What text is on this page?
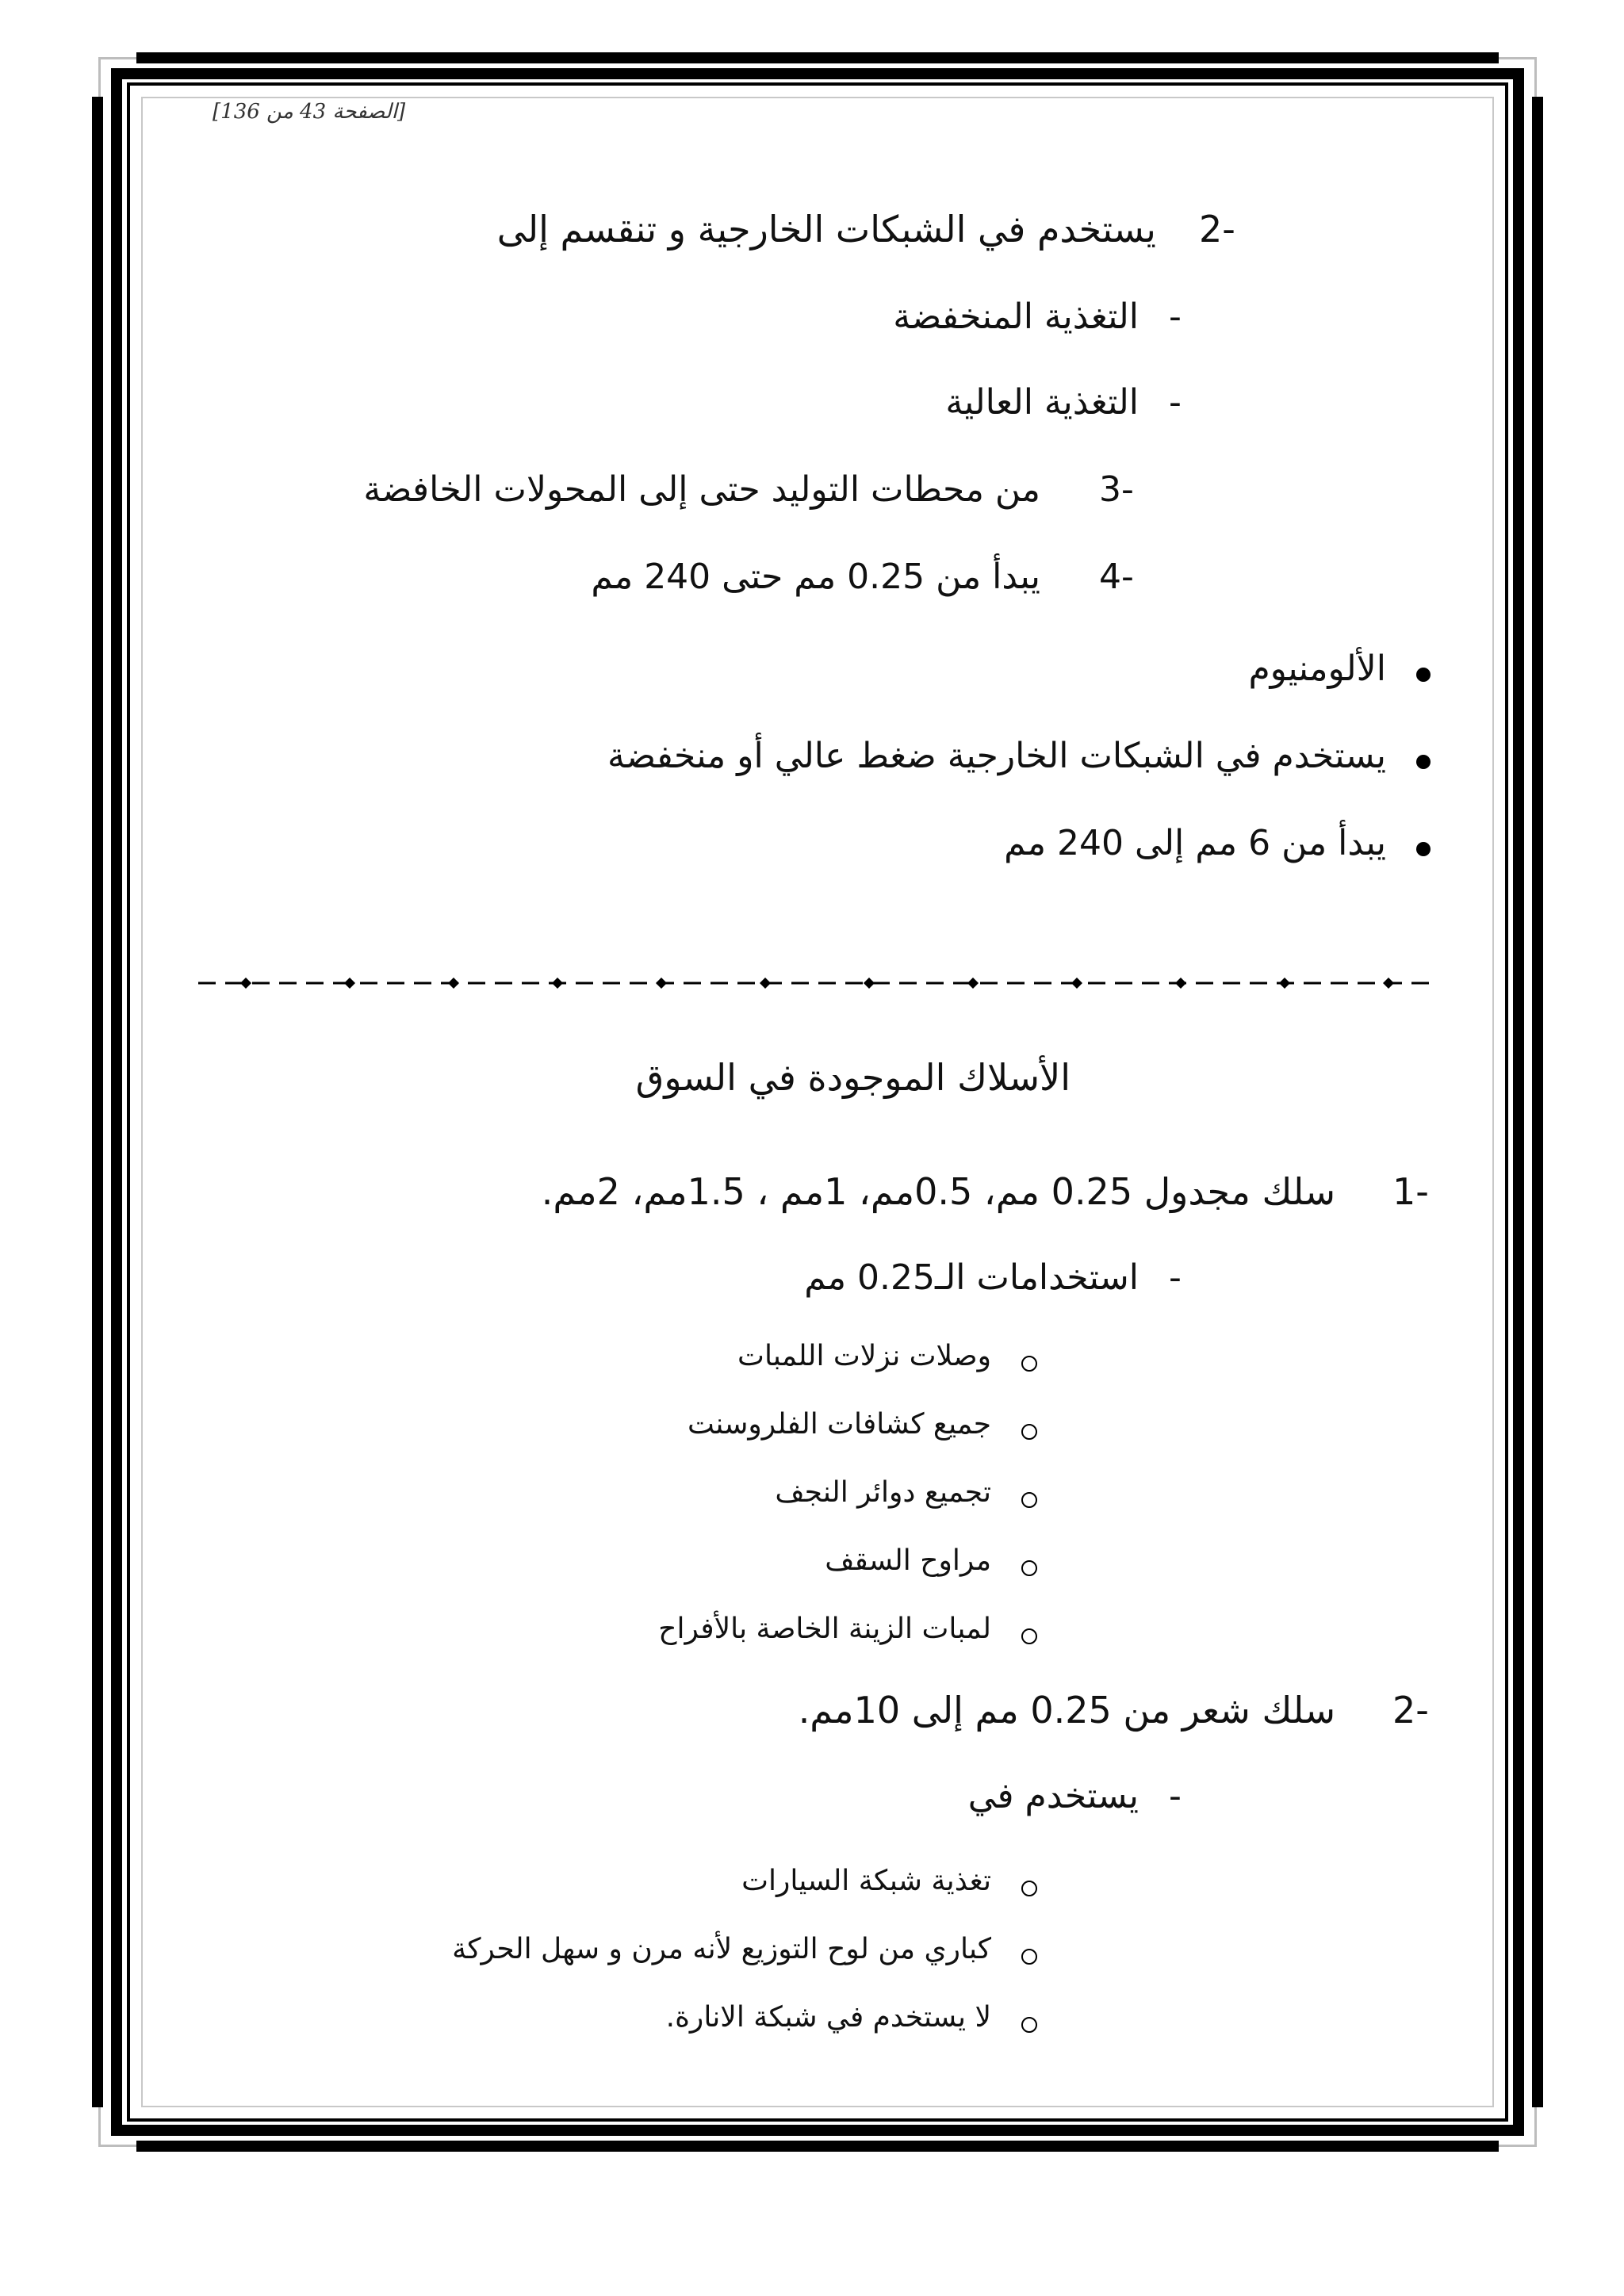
[الصفحة 43 من 136]
2-
يستخدم في الشبكات الخارجية و تنقسم إلى
-
التغذية المنخفضة
-
التغذية العالية
3-
من محطات التوليد حتى إلى المحولات الخافضة
4-
يبدأ من 0.25 مم حتى 240 مم
الألومنيوم
يستخدم في الشبكات الخارجية ضغط عالي أو منخفضة
يبدأ من 6 مم إلى 240 مم
الأسلاك الموجودة في السوق
1-
سلك مجدول 0.25 مم، 0.5مم، 1مم ، 1.5مم، 2مم.
-
استخدامات الـ0.25 مم
وصلات نزلات اللمبات
جميع كشافات الفلروسنت
تجميع دوائر النجف
مراوح السقف
لمبات الزينة الخاصة بالأفراح
2-
سلك شعر من 0.25 مم إلى 10مم.
-
يستخدم في
تغذية شبكة السيارات
كباري من لوح التوزيع لأنه مرن و سهل الحركة
لا يستخدم في شبكة الانارة.
